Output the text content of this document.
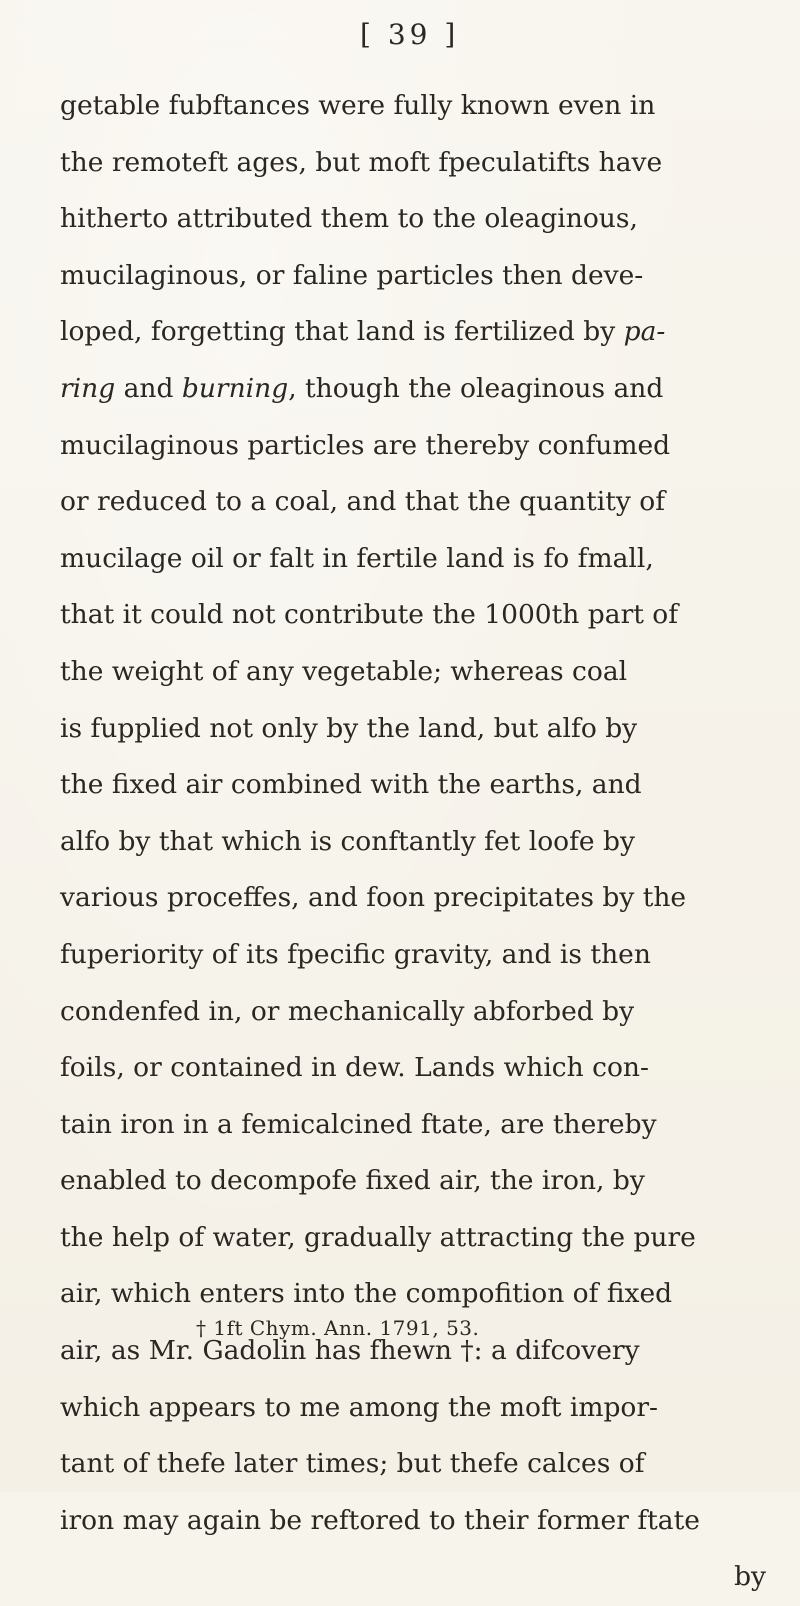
[ 39 ]
getable fubftances were fully known even in
the remoteft ages, but moft fpeculatifts have
hitherto attributed them to the oleaginous,
mucilaginous, or faline particles then deve-
loped, forgetting that land is fertilized by pa-
ring and burning, though the oleaginous and
mucilaginous particles are thereby confumed
or reduced to a coal, and that the quantity of
mucilage oil or falt in fertile land is fo fmall,
that it could not contribute the 1000th part of
the weight of any vegetable; whereas coal
is fupplied not only by the land, but alfo by
the fixed air combined with the earths, and
alfo by that which is conftantly fet loofe by
various proceffes, and foon precipitates by the
fuperiority of its fpecific gravity, and is then
condenfed in, or mechanically abforbed by
foils, or contained in dew. Lands which con-
tain iron in a femicalcined ftate, are thereby
enabled to decompofe fixed air, the iron, by
the help of water, gradually attracting the pure
air, which enters into the compofition of fixed
air, as Mr. Gadolin has fhewn †: a difcovery
which appears to me among the moft impor-
tant of thefe later times; but thefe calces of
iron may again be reftored to their former ftate
by
† 1ft Chym. Ann. 1791, 53.
